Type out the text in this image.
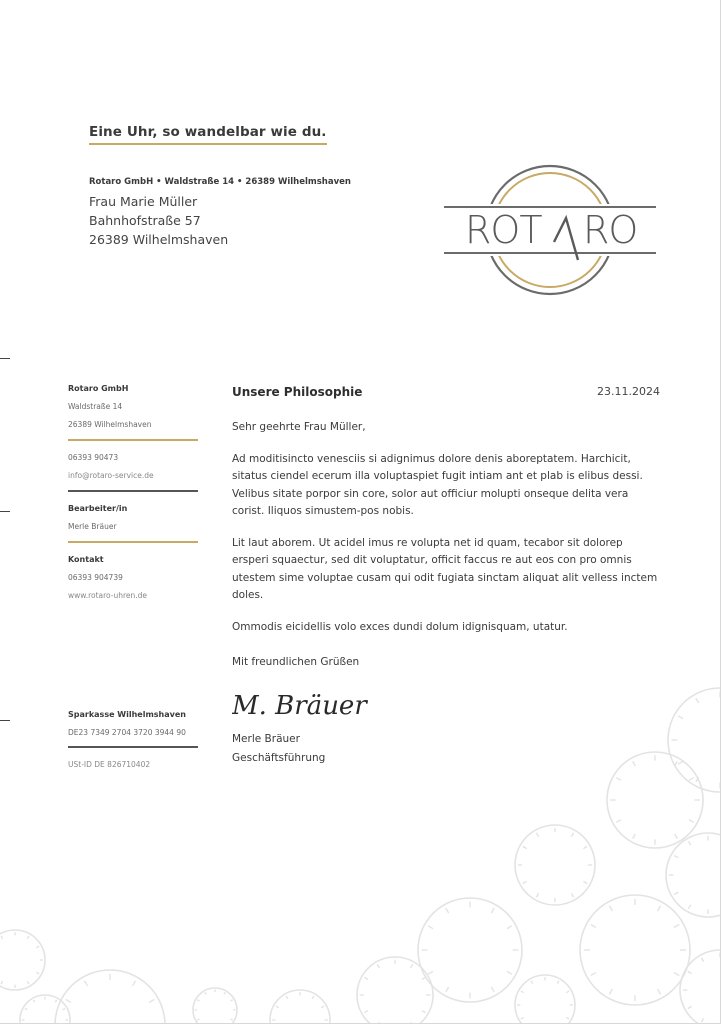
Eine Uhr, so wandelbar wie du.
Rotaro GmbH • Waldstraße 14 • 26389 Wilhelmshaven
Frau Marie Müller
Bahnhofstraße 57
26389 Wilhelmshaven	ROT RO
ROTARO
Rotaro GmbH
Waldstraße 14
26389 Wilhelmshaven
06393 90473
info@rotaro-service.de
Bearbeiter/in
Merle Bräuer
Kontakt
06393 904739
www.rotaro-uhren.de
Sparkasse Wilhelmshaven
DE23 7349 2704 3720 3944 90
USt-ID DE 826710402
Unsere Philosophie	23.11.2024
Sehr geehrte Frau Müller,
Ad moditisincto venesciis si adignimus dolore denis aboreptatem. Harchicit, sitatus ciendel ecerum illa voluptaspiet fugit intiam ant et plab is elibus dessi. Velibus sitate porpor sin core, solor aut officiur molupti onseque delita vera corist. Iliquos simustem-pos nobis.
Lit laut aborem. Ut acidel imus re volupta net id quam, tecabor sit dolorep ersperi squaectur, sed dit voluptatur, officit faccus re aut eos con pro omnis utestem sime voluptae cusam qui odit fugiata sinctam aliquat alit velless inctem doles.
Ommodis eicidellis volo exces dundi dolum idignisquam, utatur.
Mit freundlichen Grüßen
M. Bräuer
Merle Bräuer
Geschäftsführung
